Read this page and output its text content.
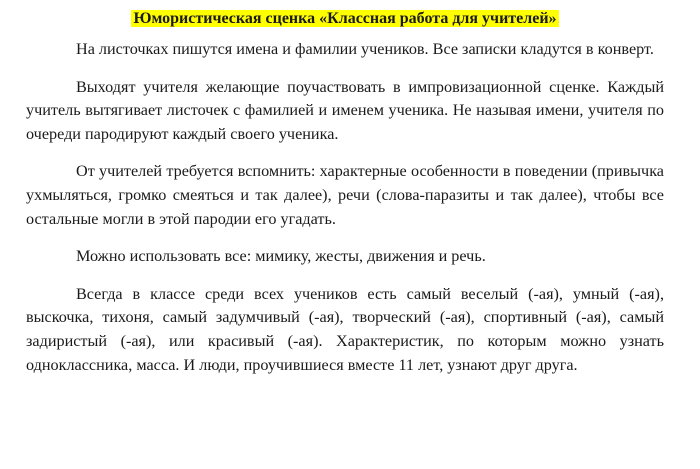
Юмористическая сценка «Классная работа для учителей»

На листочках пишутся имена и фамилии учеников. Все записки кладутся в конверт.

Выходят учителя желающие поучаствовать в импровизационной сценке. Каждый учитель вытягивает листочек с фамилией и именем ученика. Не называя имени, учителя по очереди пародируют каждый своего ученика.

От учителей требуется вспомнить: характерные особенности в поведении (привычка ухмыляться, громко смеяться и так далее), речи (слова-паразиты и так далее), чтобы все остальные могли в этой пародии его угадать.

Можно использовать все: мимику, жесты, движения и речь.

Всегда в классе среди всех учеников есть самый веселый (-ая), умный (-ая), выскочка, тихоня, самый задумчивый (-ая), творческий (-ая), спортивный (-ая), самый задиристый (-ая), или красивый (-ая). Характеристик, по которым можно узнать одноклассника, масса. И люди, проучившиеся вместе 11 лет, узнают друг друга.
